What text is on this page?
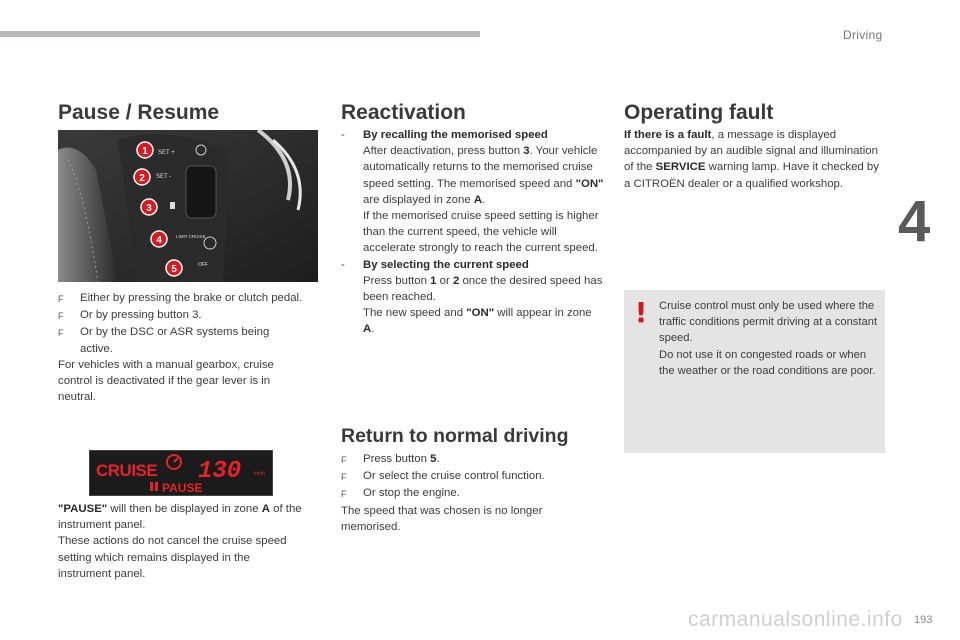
Driving
4
193
Pause / Resume
SET +
SET -
LIMIT CRUISE
OFF
1
2
3
4
5
F	Either by pressing the brake or clutch pedal.
F	Or by pressing button 3.
F	Or by the DSC or ASR systems being active.
For vehicles with a manual gearbox, cruise control is deactivated if the gear lever is in neutral.
CRUISE 130	km/h
PAUSE
"PAUSE" will then be displayed in zone A of the instrument panel.
These actions do not cancel the cruise speed setting which remains displayed in the instrument panel.
Reactivation
-	By recalling the memorised speed
After deactivation, press button 3. Your vehicle automatically returns to the memorised cruise speed setting. The memorised speed and "ON" are displayed in zone A.
If the memorised cruise speed setting is higher than the current speed, the vehicle will accelerate strongly to reach the current speed.
-	By selecting the current speed
Press button 1 or 2 once the desired speed has been reached.
The new speed and "ON" will appear in zone A.
Return to normal driving
F	Press button 5.
F	Or select the cruise control function.
F	Or stop the engine.
The speed that was chosen is no longer memorised.
Operating fault
If there is a fault, a message is displayed accompanied by an audible signal and illumination of the SERVICE warning lamp. Have it checked by a CITROËN dealer or a qualified workshop.
!	Cruise control must only be used where the traffic conditions permit driving at a constant speed.
Do not use it on congested roads or when the weather or the road conditions are poor.
carmanualsonline.info
